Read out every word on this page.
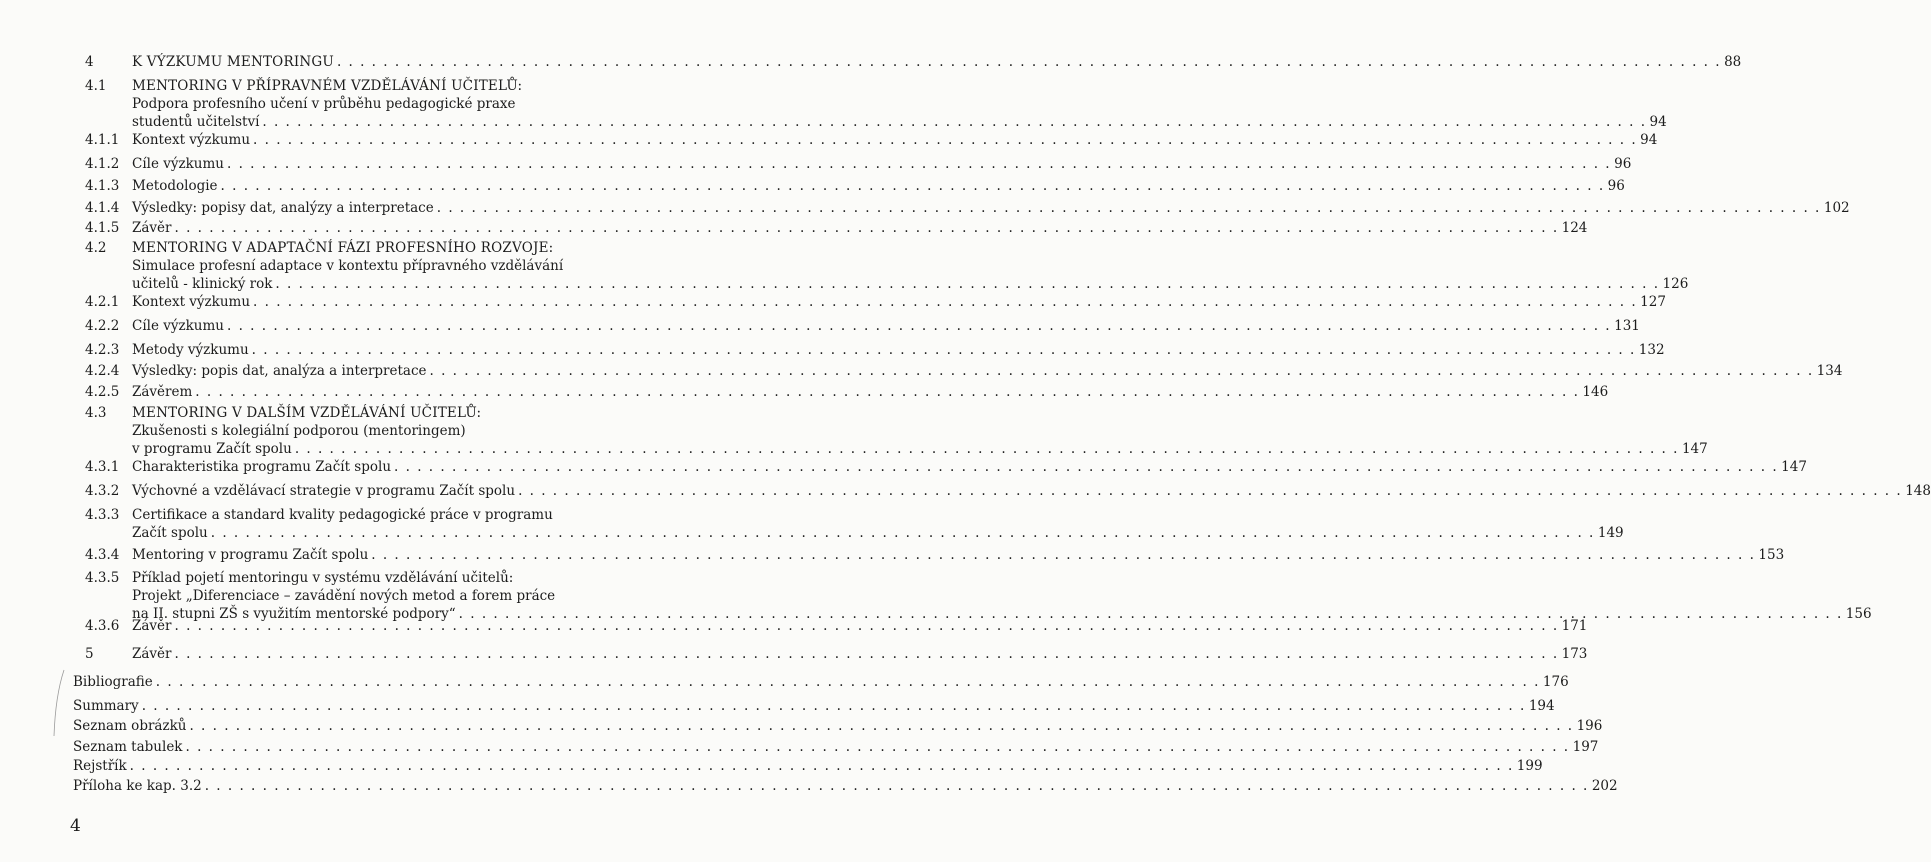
4	K VÝZKUMU MENTORINGU . . . . . . . . . . . . . . . . . . . . . . . . . . . . . . . . . . . . . . . . . . . . . . . . . . . . . . . . . . . . . . . . . . . . . . . . . . . . . . . . . . . . . . . . . . . . . . . . . . . . . . . . . . . . . . . . . . . . . . . . 88
4.1 MENTORING V PŘÍPRAVNÉM VZDĚLÁVÁNÍ UČITELŮ:
Podpora profesního učení v průběhu pedagogické praxe
studentů učitelství . . . . . . . . . . . . . . . . . . . . . . . . . . . . . . . . . . . . . . . . . . . . . . . . . . . . . . . . . . . . . . . . . . . . . . . . . . . . . . . . . . . . . . . . . . . . . . . . . . . . . . . . . . . . . . . . . . . . . . . . 94
4.1.1 Kontext výzkumu . . . . . . . . . . . . . . . . . . . . . . . . . . . . . . . . . . . . . . . . . . . . . . . . . . . . . . . . . . . . . . . . . . . . . . . . . . . . . . . . . . . . . . . . . . . . . . . . . . . . . . . . . . . . . . . . . . . . . . . . 94
4.1.2 Cíle výzkumu . . . . . . . . . . . . . . . . . . . . . . . . . . . . . . . . . . . . . . . . . . . . . . . . . . . . . . . . . . . . . . . . . . . . . . . . . . . . . . . . . . . . . . . . . . . . . . . . . . . . . . . . . . . . . . . . . . . . . . . . 96
4.1.3 Metodologie . . . . . . . . . . . . . . . . . . . . . . . . . . . . . . . . . . . . . . . . . . . . . . . . . . . . . . . . . . . . . . . . . . . . . . . . . . . . . . . . . . . . . . . . . . . . . . . . . . . . . . . . . . . . . . . . . . . . . . . . 96
4.1.4 Výsledky: popisy dat, analýzy a interpretace . . . . . . . . . . . . . . . . . . . . . . . . . . . . . . . . . . . . . . . . . . . . . . . . . . . . . . . . . . . . . . . . . . . . . . . . . . . . . . . . . . . . . . . . . . . . . . . . . . . . . . . . . . . . . . . . . . . . . . . . 102
4.1.5 Závěr . . . . . . . . . . . . . . . . . . . . . . . . . . . . . . . . . . . . . . . . . . . . . . . . . . . . . . . . . . . . . . . . . . . . . . . . . . . . . . . . . . . . . . . . . . . . . . . . . . . . . . . . . . . . . . . . . . . . . . . . 124
4.2 MENTORING V ADAPTAČNÍ FÁZI PROFESNÍHO ROZVOJE:
Simulace profesní adaptace v kontextu přípravného vzdělávání
učitelů - klinický rok . . . . . . . . . . . . . . . . . . . . . . . . . . . . . . . . . . . . . . . . . . . . . . . . . . . . . . . . . . . . . . . . . . . . . . . . . . . . . . . . . . . . . . . . . . . . . . . . . . . . . . . . . . . . . . . . . . . . . . . . 126
4.2.1 Kontext výzkumu . . . . . . . . . . . . . . . . . . . . . . . . . . . . . . . . . . . . . . . . . . . . . . . . . . . . . . . . . . . . . . . . . . . . . . . . . . . . . . . . . . . . . . . . . . . . . . . . . . . . . . . . . . . . . . . . . . . . . . . . 127
4.2.2 Cíle výzkumu . . . . . . . . . . . . . . . . . . . . . . . . . . . . . . . . . . . . . . . . . . . . . . . . . . . . . . . . . . . . . . . . . . . . . . . . . . . . . . . . . . . . . . . . . . . . . . . . . . . . . . . . . . . . . . . . . . . . . . . . 131
4.2.3 Metody výzkumu . . . . . . . . . . . . . . . . . . . . . . . . . . . . . . . . . . . . . . . . . . . . . . . . . . . . . . . . . . . . . . . . . . . . . . . . . . . . . . . . . . . . . . . . . . . . . . . . . . . . . . . . . . . . . . . . . . . . . . . . 132
4.2.4 Výsledky: popis dat, analýza a interpretace . . . . . . . . . . . . . . . . . . . . . . . . . . . . . . . . . . . . . . . . . . . . . . . . . . . . . . . . . . . . . . . . . . . . . . . . . . . . . . . . . . . . . . . . . . . . . . . . . . . . . . . . . . . . . . . . . . . . . . . . 134
4.2.5 Závěrem . . . . . . . . . . . . . . . . . . . . . . . . . . . . . . . . . . . . . . . . . . . . . . . . . . . . . . . . . . . . . . . . . . . . . . . . . . . . . . . . . . . . . . . . . . . . . . . . . . . . . . . . . . . . . . . . . . . . . . . . 146
4.3 MENTORING V DALŠÍM VZDĚLÁVÁNÍ UČITELŮ:
Zkušenosti s kolegiální podporou (mentoringem)
v programu Začít spolu . . . . . . . . . . . . . . . . . . . . . . . . . . . . . . . . . . . . . . . . . . . . . . . . . . . . . . . . . . . . . . . . . . . . . . . . . . . . . . . . . . . . . . . . . . . . . . . . . . . . . . . . . . . . . . . . . . . . . . . . 147
4.3.1 Charakteristika programu Začít spolu . . . . . . . . . . . . . . . . . . . . . . . . . . . . . . . . . . . . . . . . . . . . . . . . . . . . . . . . . . . . . . . . . . . . . . . . . . . . . . . . . . . . . . . . . . . . . . . . . . . . . . . . . . . . . . . . . . . . . . . . 147
4.3.2 Výchovné a vzdělávací strategie v programu Začít spolu . . . . . . . . . . . . . . . . . . . . . . . . . . . . . . . . . . . . . . . . . . . . . . . . . . . . . . . . . . . . . . . . . . . . . . . . . . . . . . . . . . . . . . . . . . . . . . . . . . . . . . . . . . . . . . . . . . . . . . . . 148
4.3.3 Certifikace a standard kvality pedagogické práce v programu
Začít spolu . . . . . . . . . . . . . . . . . . . . . . . . . . . . . . . . . . . . . . . . . . . . . . . . . . . . . . . . . . . . . . . . . . . . . . . . . . . . . . . . . . . . . . . . . . . . . . . . . . . . . . . . . . . . . . . . . . . . . . . . 149
4.3.4 Mentoring v programu Začít spolu . . . . . . . . . . . . . . . . . . . . . . . . . . . . . . . . . . . . . . . . . . . . . . . . . . . . . . . . . . . . . . . . . . . . . . . . . . . . . . . . . . . . . . . . . . . . . . . . . . . . . . . . . . . . . . . . . . . . . . . . 153
4.3.5 Příklad pojetí mentoringu v systému vzdělávání učitelů:
Projekt „Diferenciace – zavádění nových metod a forem práce
na II. stupni ZŠ s využitím mentorské podpory“ . . . . . . . . . . . . . . . . . . . . . . . . . . . . . . . . . . . . . . . . . . . . . . . . . . . . . . . . . . . . . . . . . . . . . . . . . . . . . . . . . . . . . . . . . . . . . . . . . . . . . . . . . . . . . . . . . . . . . . . . 156
4.3.6 Závěr . . . . . . . . . . . . . . . . . . . . . . . . . . . . . . . . . . . . . . . . . . . . . . . . . . . . . . . . . . . . . . . . . . . . . . . . . . . . . . . . . . . . . . . . . . . . . . . . . . . . . . . . . . . . . . . . . . . . . . . . 171
5	Závěr . . . . . . . . . . . . . . . . . . . . . . . . . . . . . . . . . . . . . . . . . . . . . . . . . . . . . . . . . . . . . . . . . . . . . . . . . . . . . . . . . . . . . . . . . . . . . . . . . . . . . . . . . . . . . . . . . . . . . . . . 173
Bibliografie . . . . . . . . . . . . . . . . . . . . . . . . . . . . . . . . . . . . . . . . . . . . . . . . . . . . . . . . . . . . . . . . . . . . . . . . . . . . . . . . . . . . . . . . . . . . . . . . . . . . . . . . . . . . . . . . . . . . . . . . 176
Summary . . . . . . . . . . . . . . . . . . . . . . . . . . . . . . . . . . . . . . . . . . . . . . . . . . . . . . . . . . . . . . . . . . . . . . . . . . . . . . . . . . . . . . . . . . . . . . . . . . . . . . . . . . . . . . . . . . . . . . . . 194
Seznam obrázků . . . . . . . . . . . . . . . . . . . . . . . . . . . . . . . . . . . . . . . . . . . . . . . . . . . . . . . . . . . . . . . . . . . . . . . . . . . . . . . . . . . . . . . . . . . . . . . . . . . . . . . . . . . . . . . . . . . . . . . . 196
Seznam tabulek . . . . . . . . . . . . . . . . . . . . . . . . . . . . . . . . . . . . . . . . . . . . . . . . . . . . . . . . . . . . . . . . . . . . . . . . . . . . . . . . . . . . . . . . . . . . . . . . . . . . . . . . . . . . . . . . . . . . . . . . 197
Rejstřík . . . . . . . . . . . . . . . . . . . . . . . . . . . . . . . . . . . . . . . . . . . . . . . . . . . . . . . . . . . . . . . . . . . . . . . . . . . . . . . . . . . . . . . . . . . . . . . . . . . . . . . . . . . . . . . . . . . . . . . . 199
Příloha ke kap. 3.2 . . . . . . . . . . . . . . . . . . . . . . . . . . . . . . . . . . . . . . . . . . . . . . . . . . . . . . . . . . . . . . . . . . . . . . . . . . . . . . . . . . . . . . . . . . . . . . . . . . . . . . . . . . . . . . . . . . . . . . . . 202
4
